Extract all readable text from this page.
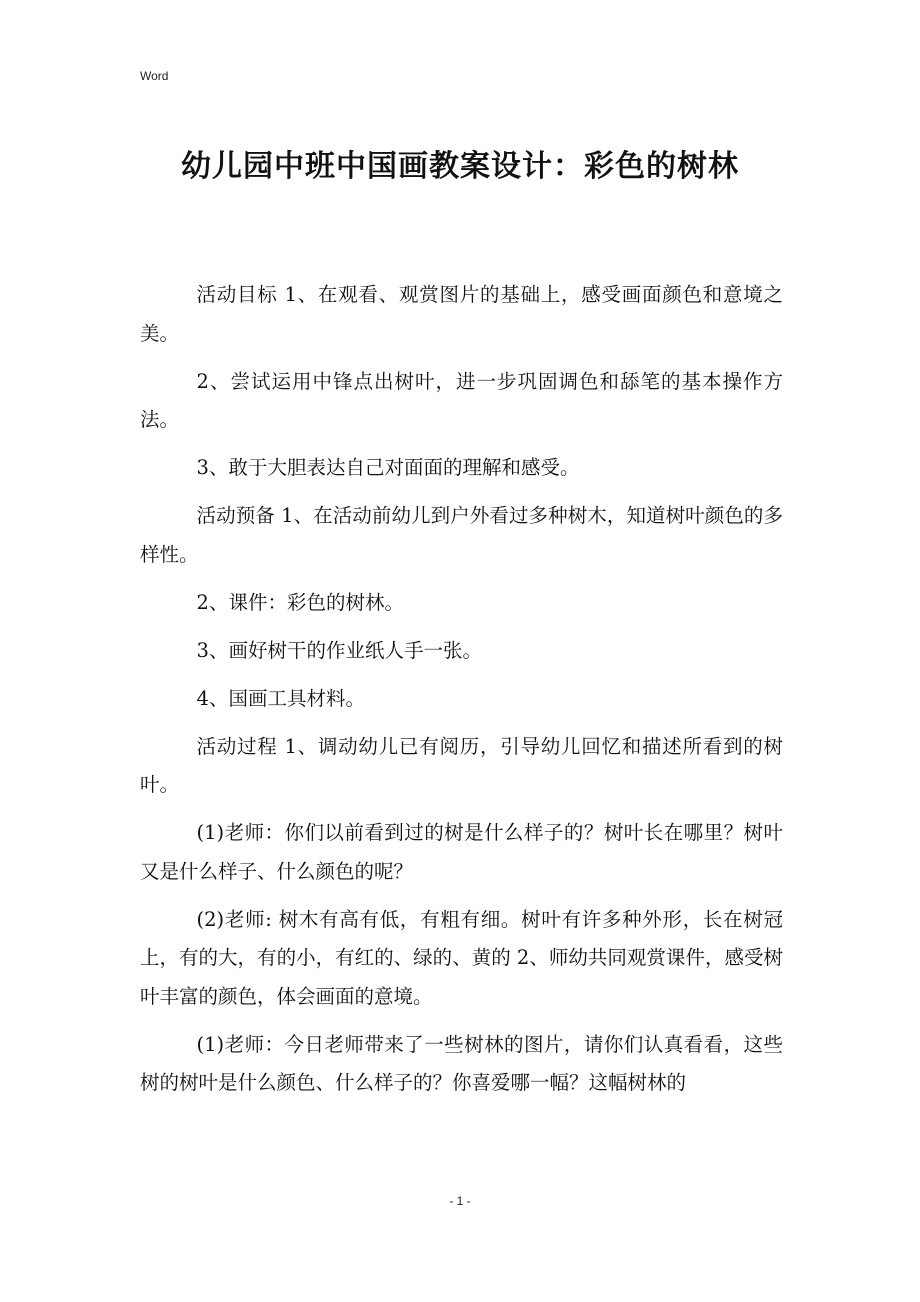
Word
幼儿园中班中国画教案设计：彩色的树林

活动目标 1、在观看、观赏图片的基础上，感受画面颜色和意境之美。

2、尝试运用中锋点出树叶，进一步巩固调色和舔笔的基本操作方法。

3、敢于大胆表达自己对面面的理解和感受。

活动预备 1、在活动前幼儿到户外看过多种树木，知道树叶颜色的多样性。

2、课件：彩色的树林。

3、画好树干的作业纸人手一张。

4、国画工具材料。

活动过程 1、调动幼儿已有阅历，引导幼儿回忆和描述所看到的树叶。

(1)老师：你们以前看到过的树是什么样子的？树叶长在哪里？树叶又是什么样子、什么颜色的呢？

(2)老师: 树木有高有低，有粗有细。树叶有许多种外形，长在树冠上，有的大，有的小，有红的、绿的、黄的 2、师幼共同观赏课件，感受树叶丰富的颜色，体会画面的意境。

(1)老师：今日老师带来了一些树林的图片，请你们认真看看，这些树的树叶是什么颜色、什么样子的？你喜爱哪一幅？这幅树林的

- 1 -
